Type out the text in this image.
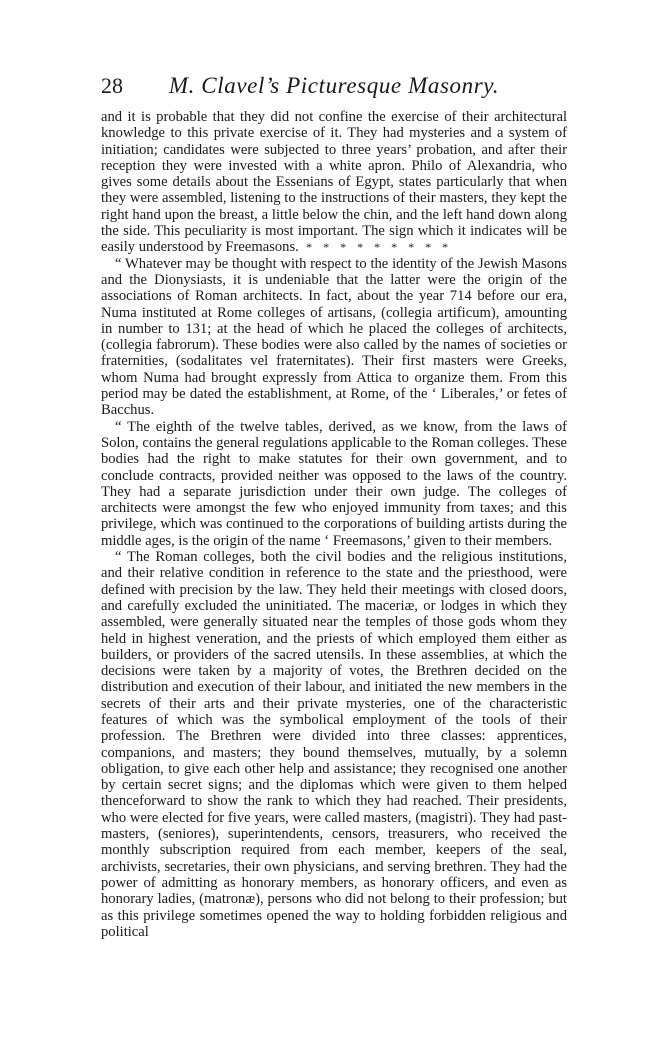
28	M. Clavel’s Picturesque Masonry.

and it is probable that they did not confine the exercise of their architectural knowledge to this private exercise of it. They had mysteries and a system of initiation; candidates were subjected to three years’ probation, and after their reception they were invested with a white apron. Philo of Alexandria, who gives some details about the Essenians of Egypt, states particularly that when they were assembled, listening to the instructions of their masters, they kept the right hand upon the breast, a little below the chin, and the left hand down along the side. This peculiarity is most important. The sign which it indicates will be easily understood by Freemasons. * * * * * * * * *

“ Whatever may be thought with respect to the identity of the Jewish Masons and the Dionysiasts, it is undeniable that the latter were the origin of the associations of Roman architects. In fact, about the year 714 before our era, Numa instituted at Rome colleges of artisans, (collegia artificum), amounting in number to 131; at the head of which he placed the colleges of architects, (collegia fabrorum). These bodies were also called by the names of societies or fraternities, (sodalitates vel fraternitates). Their first masters were Greeks, whom Numa had brought expressly from Attica to organize them. From this period may be dated the establishment, at Rome, of the ‘ Liberales,’ or fetes of Bacchus.

“ The eighth of the twelve tables, derived, as we know, from the laws of Solon, contains the general regulations applicable to the Roman colleges. These bodies had the right to make statutes for their own government, and to conclude contracts, provided neither was opposed to the laws of the country. They had a separate jurisdiction under their own judge. The colleges of architects were amongst the few who enjoyed immunity from taxes; and this privilege, which was continued to the corporations of building artists during the middle ages, is the origin of the name ‘ Freemasons,’ given to their members.

“ The Roman colleges, both the civil bodies and the religious institutions, and their relative condition in reference to the state and the priesthood, were defined with precision by the law. They held their meetings with closed doors, and carefully excluded the uninitiated. The maceriæ, or lodges in which they assembled, were generally situated near the temples of those gods whom they held in highest veneration, and the priests of which employed them either as builders, or providers of the sacred utensils. In these assemblies, at which the decisions were taken by a majority of votes, the Brethren decided on the distribution and execution of their labour, and initiated the new members in the secrets of their arts and their private mysteries, one of the characteristic features of which was the symbolical employment of the tools of their profession. The Brethren were divided into three classes: apprentices, companions, and masters; they bound themselves, mutually, by a solemn obligation, to give each other help and assistance; they recognised one another by certain secret signs; and the diplomas which were given to them helped thenceforward to show the rank to which they had reached. Their presidents, who were elected for five years, were called masters, (magistri). They had past-masters, (seniores), superintendents, censors, treasurers, who received the monthly subscription required from each member, keepers of the seal, archivists, secretaries, their own physicians, and serving brethren. They had the power of admitting as honorary members, as honorary officers, and even as honorary ladies, (matronæ), persons who did not belong to their profession; but as this privilege sometimes opened the way to holding forbidden religious and political
